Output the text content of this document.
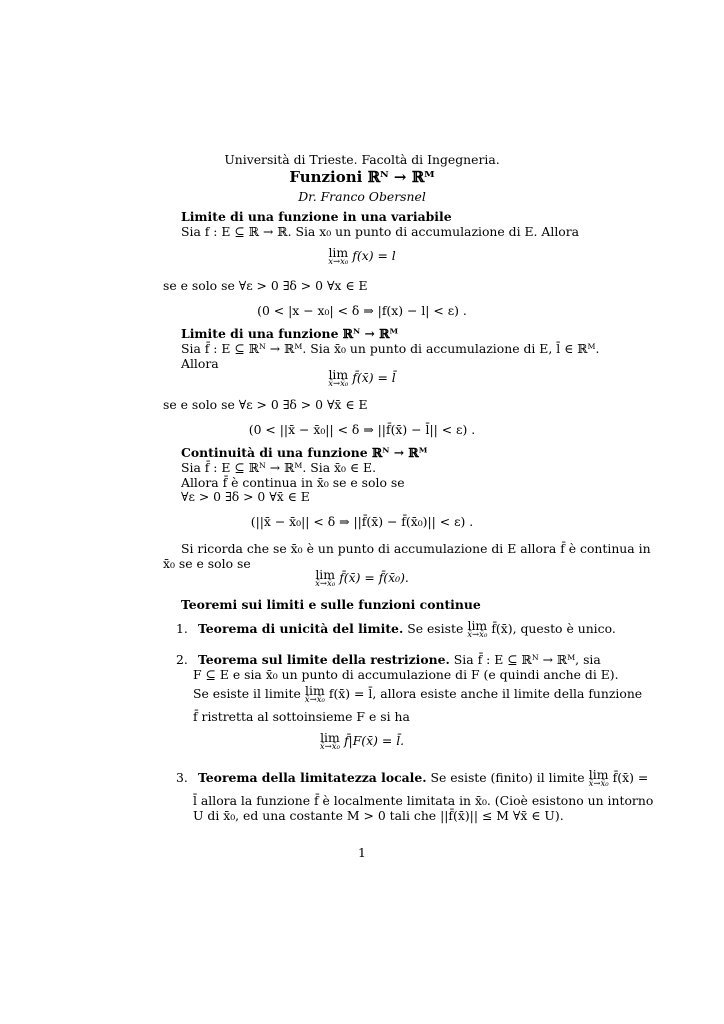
Università di Trieste. Facoltà di Ingegneria.
Funzioni ℝᴺ → ℝᴹ
Dr. Franco Obersnel
Limite di una funzione in una variabile
Sia f : E ⊆ ℝ → ℝ. Sia x₀ un punto di accumulazione di E. Allora
lim
x→x₀ f(x) = l
se e solo se ∀ε > 0 ∃δ > 0 ∀x ∈ E
(0 < |x − x₀| < δ ⇒ |f(x) − l| < ε) .
Limite di una funzione ℝᴺ → ℝᴹ
Sia f̄ : E ⊆ ℝᴺ → ℝᴹ. Sia x̄₀ un punto di accumulazione di E, l̄ ∈ ℝᴹ.
Allora
lim
x̄→x̄₀ f̄(x̄) = l̄
se e solo se ∀ε > 0 ∃δ > 0 ∀x̄ ∈ E
(0 < ||x̄ − x̄₀|| < δ ⇒ ||f̄(x̄) − l̄|| < ε) .
Continuità di una funzione ℝᴺ → ℝᴹ
Sia f̄ : E ⊆ ℝᴺ → ℝᴹ. Sia x̄₀ ∈ E.
Allora f̄ è continua in x̄₀ se e solo se
∀ε > 0 ∃δ > 0 ∀x̄ ∈ E
(||x̄ − x̄₀|| < δ ⇒ ||f̄(x̄) − f̄(x̄₀)|| < ε) .
Si ricorda che se x̄₀ è un punto di accumulazione di E allora f̄ è continua in
x̄₀ se e solo se
lim
x̄→x̄₀ f̄(x̄) = f̄(x̄₀).
Teoremi sui limiti e sulle funzioni continue
1. Teorema di unicità del limite. Se esiste lim
x̄→x̄₀ f̄(x̄), questo è unico.
2. Teorema sul limite della restrizione. Sia f̄ : E ⊆ ℝᴺ → ℝᴹ, sia
F ⊆ E e sia x̄₀ un punto di accumulazione di F (e quindi anche di E).
Se esiste il limite lim
x̄→x̄₀ f(x̄) = l̄, allora esiste anche il limite della funzione
f̄ ristretta al sottoinsieme F e si ha
lim
x̄→x̄₀ f̄|F(x̄) = l̄.
3. Teorema della limitatezza locale. Se esiste (finito) il limite lim
x̄→x̄₀ f̄(x̄) =
l̄ allora la funzione f̄ è localmente limitata in x̄₀. (Cioè esistono un intorno
U di x̄₀, ed una costante M > 0 tali che ||f̄(x̄)|| ≤ M ∀x̄ ∈ U).
1
